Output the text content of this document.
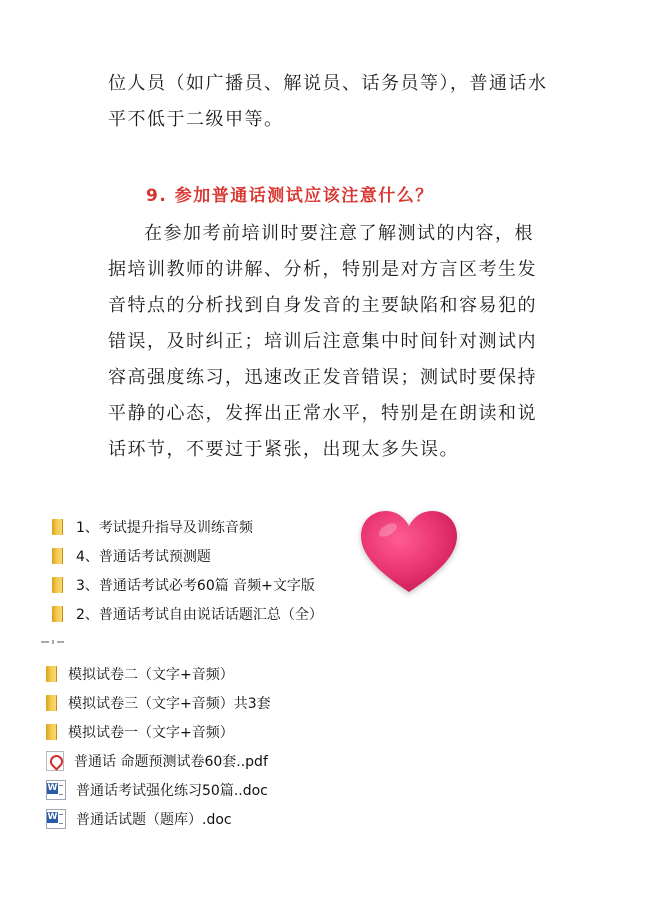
位人员（如广播员、解说员、话务员等），普通话水平不低于二级甲等。
9. 参加普通话测试应该注意什么？
在参加考前培训时要注意了解测试的内容，根据培训教师的讲解、分析，特别是对方言区考生发音特点的分析找到自身发音的主要缺陷和容易犯的错误，及时纠正；培训后注意集中时间针对测试内容高强度练习，迅速改正发音错误；测试时要保持平静的心态，发挥出正常水平，特别是在朗读和说话环节，不要过于紧张，出现太多失误。
1、考试提升指导及训练音频
4、普通话考试预测题
3、普通话考试必考60篇 音频+文字版
2、普通话考试自由说话话题汇总（全）
模拟试卷二（文字+音频）
模拟试卷三（文字+音频）共3套
模拟试卷一（文字+音频）
普通话 命题预测试卷60套..pdf
W
普通话考试强化练习50篇..doc
W
普通话试题（题库）.doc
